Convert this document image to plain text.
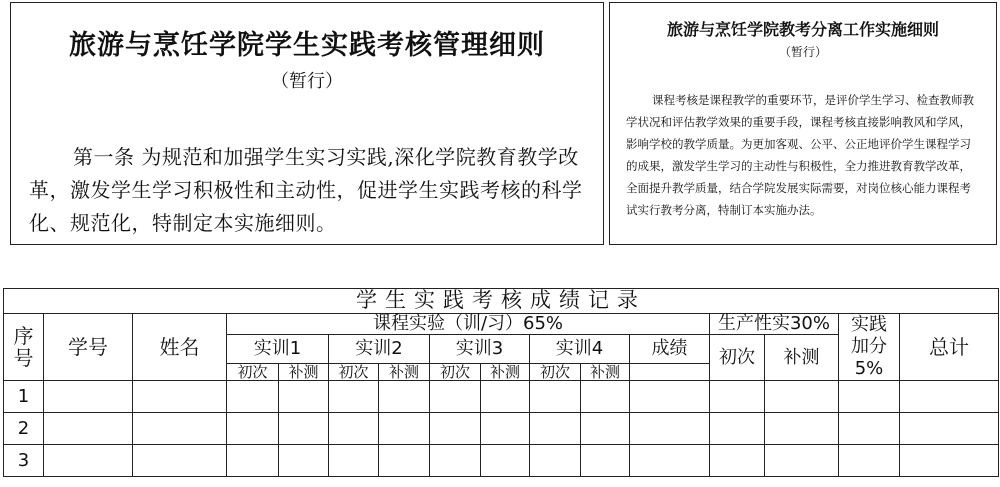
旅游与烹饪学院学生实践考核管理细则
（暂行）
第一条 为规范和加强学生实习实践,深化学院教育教学改革，激发学生学习积极性和主动性，促进学生实践考核的科学化、规范化，特制定本实施细则。
旅游与烹饪学院教考分离工作实施细则
（暂行）
课程考核是课程教学的重要环节，是评价学生学习、检查教师教学状况和评估教学效果的重要手段，课程考核直接影响教风和学风，影响学校的教学质量。为更加客观、公平、公正地评价学生课程学习的成果，激发学生学习的主动性与积极性，全力推进教育教学改革，全面提升教学质量，结合学院发展实际需要，对岗位核心能力课程考试实行教考分离，特制订本实施办法。
学生实践考核成绩记录															
序号	学号	姓名	课程实验（训/习）65%									生产性实30%		实践加分5%	总计
			实训1		实训2		实训3		实训4		成绩	初次	补测		
			初次	补测	初次	补测	初次	补测	初次	补测					
1															
2															
3															
